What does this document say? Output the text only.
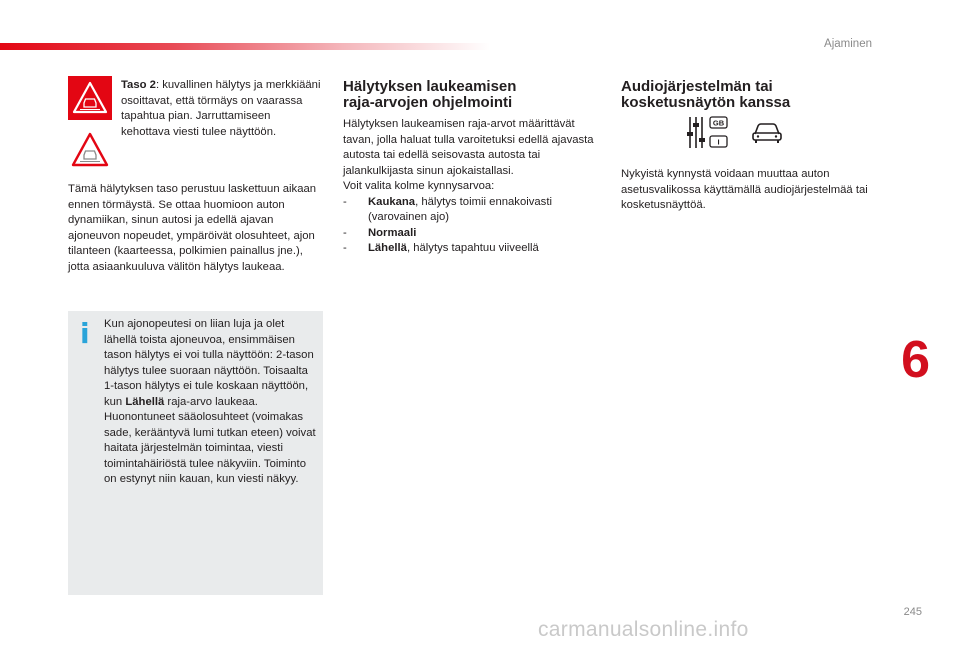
Ajaminen
6
245
carmanualsonline.info
Taso 2: kuvallinen hälytys ja merkkiääni osoittavat, että törmäys on vaarassa tapahtua pian. Jarruttamiseen kehottava viesti tulee näyttöön.
Tämä hälytyksen taso perustuu laskettuun aikaan ennen törmäystä. Se ottaa huomioon auton dynamiikan, sinun autosi ja edellä ajavan ajoneuvon nopeudet, ympäröivät olosuhteet, ajon tilanteen (kaarteessa, polkimien painallus jne.), jotta asiaankuuluva välitön hälytys laukeaa.
i Kun ajonopeutesi on liian luja ja olet lähellä toista ajoneuvoa, ensimmäisen tason hälytys ei voi tulla näyttöön: 2-tason hälytys tulee suoraan näyttöön. Toisaalta 1-tason hälytys ei tule koskaan näyttöön, kun Lähellä raja-arvo laukeaa.
Huonontuneet sääolosuhteet (voimakas sade, kerääntyvä lumi tutkan eteen) voivat haitata järjestelmän toimintaa, viesti toimintahäiriöstä tulee näkyviin. Toiminto on estynyt niin kauan, kun viesti näkyy.
Hälytyksen laukeamisen
raja-arvojen ohjelmointi
Hälytyksen laukeamisen raja-arvot määrittävät tavan, jolla haluat tulla varoitetuksi edellä ajavasta autosta tai edellä seisovasta autosta tai jalankulkijasta sinun ajokaistallasi.
Voit valita kolme kynnysarvoa:
- Kaukana, hälytys toimii ennakoivasti (varovainen ajo)
- Normaali
- Lähellä, hälytys tapahtuu viiveellä
Audiojärjestelmän tai
kosketusnäytön kanssa
GB
I
Nykyistä kynnystä voidaan muuttaa auton asetusvalikossa käyttämällä audiojärjestelmää tai kosketusnäyttöä.
